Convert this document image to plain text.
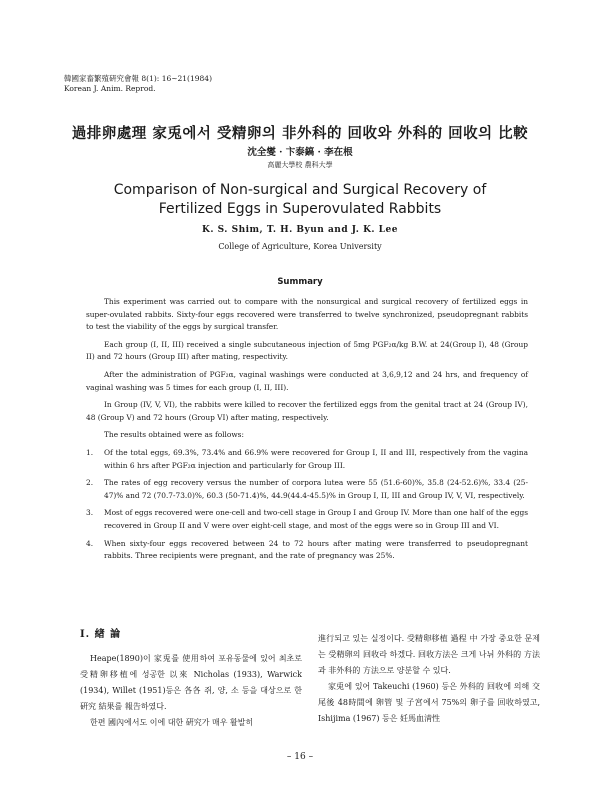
韓國家畜繁殖硏究會報 8(1): 16~21(1984)
Korean J. Anim. Reprod.
過排卵處理 家兎에서 受精卵의 非外科的 回收와 外科的 回收의 比較
沈全燮 · 卞泰鎬 · 李在根
高麗大學校 農科大學
Comparison of Non-surgical and Surgical Recovery of Fertilized Eggs in Superovulated Rabbits
K. S. Shim, T. H. Byun and J. K. Lee
College of Agriculture, Korea University
Summary

This experiment was carried out to compare with the nonsurgical and surgical recovery of fertilized eggs in super-ovulated rabbits. Sixty-four eggs recovered were transferred to twelve synchronized, pseudopregnant rabbits to test the viability of the eggs by surgical transfer.

Each group (I, II, III) received a single subcutaneous injection of 5mg PGF₂α/kg B.W. at 24(Group I), 48 (Group II) and 72 hours (Group III) after mating, respectivity.

After the administration of PGF₂α, vaginal washings were conducted at 3,6,9,12 and 24 hrs, and frequency of vaginal washing was 5 times for each group (I, II, III).

In Group (IV, V, VI), the rabbits were killed to recover the fertilized eggs from the genital tract at 24 (Group IV), 48 (Group V) and 72 hours (Group VI) after mating, respectively.

The results obtained were as follows:

1. Of the total eggs, 69.3%, 73.4% and 66.9% were recovered for Group I, II and III, respectively from the vagina within 6 hrs after PGF₂α injection and particularly for Group III.
2. The rates of egg recovery versus the number of corpora lutea were 55 (51.6-60)%, 35.8 (24-52.6)%, 33.4 (25-47)% and 72 (70.7-73.0)%, 60.3 (50-71.4)%, 44.9(44.4-45.5)% in Group I, II, III and Group IV, V, VI, respectively.
3. Most of eggs recovered were one-cell and two-cell stage in Group I and Group IV. More than one half of the eggs recovered in Group II and V were over eight-cell stage, and most of the eggs were so in Group III and VI.
4. When sixty-four eggs recovered between 24 to 72 hours after mating were transferred to pseudopregnant rabbits. Three recipients were pregnant, and the rate of pregnancy was 25%.
I. 緖 論

Heape(1890)이 家兎를 使用하여 포유동물에 있어 최초로 受精卵移植에 성공한 以來 Nicholas (1933), Warwick (1934), Willet (1951)등은 各各 쥐, 양, 소 등을 대상으로 한 硏究 結果를 報告하였다.

한편 國內에서도 이에 대한 硏究가 매우 활발히

進行되고 있는 실정이다. 受精卵移植 過程 中 가장 중요한 문제는 受精卵의 回收라 하겠다. 回收方法은 크게 나뉘 外科的 方法과 非外科的 方法으로 양분할 수 있다.

家兎에 있어 Takeuchi (1960) 등은 外科的 回收에 의해 交尾後 48時間에 卵管 및 子宮에서 75%의 卵子를 回收하였고, Ishijima (1967) 등은 妊馬血淸性

– 16 –
